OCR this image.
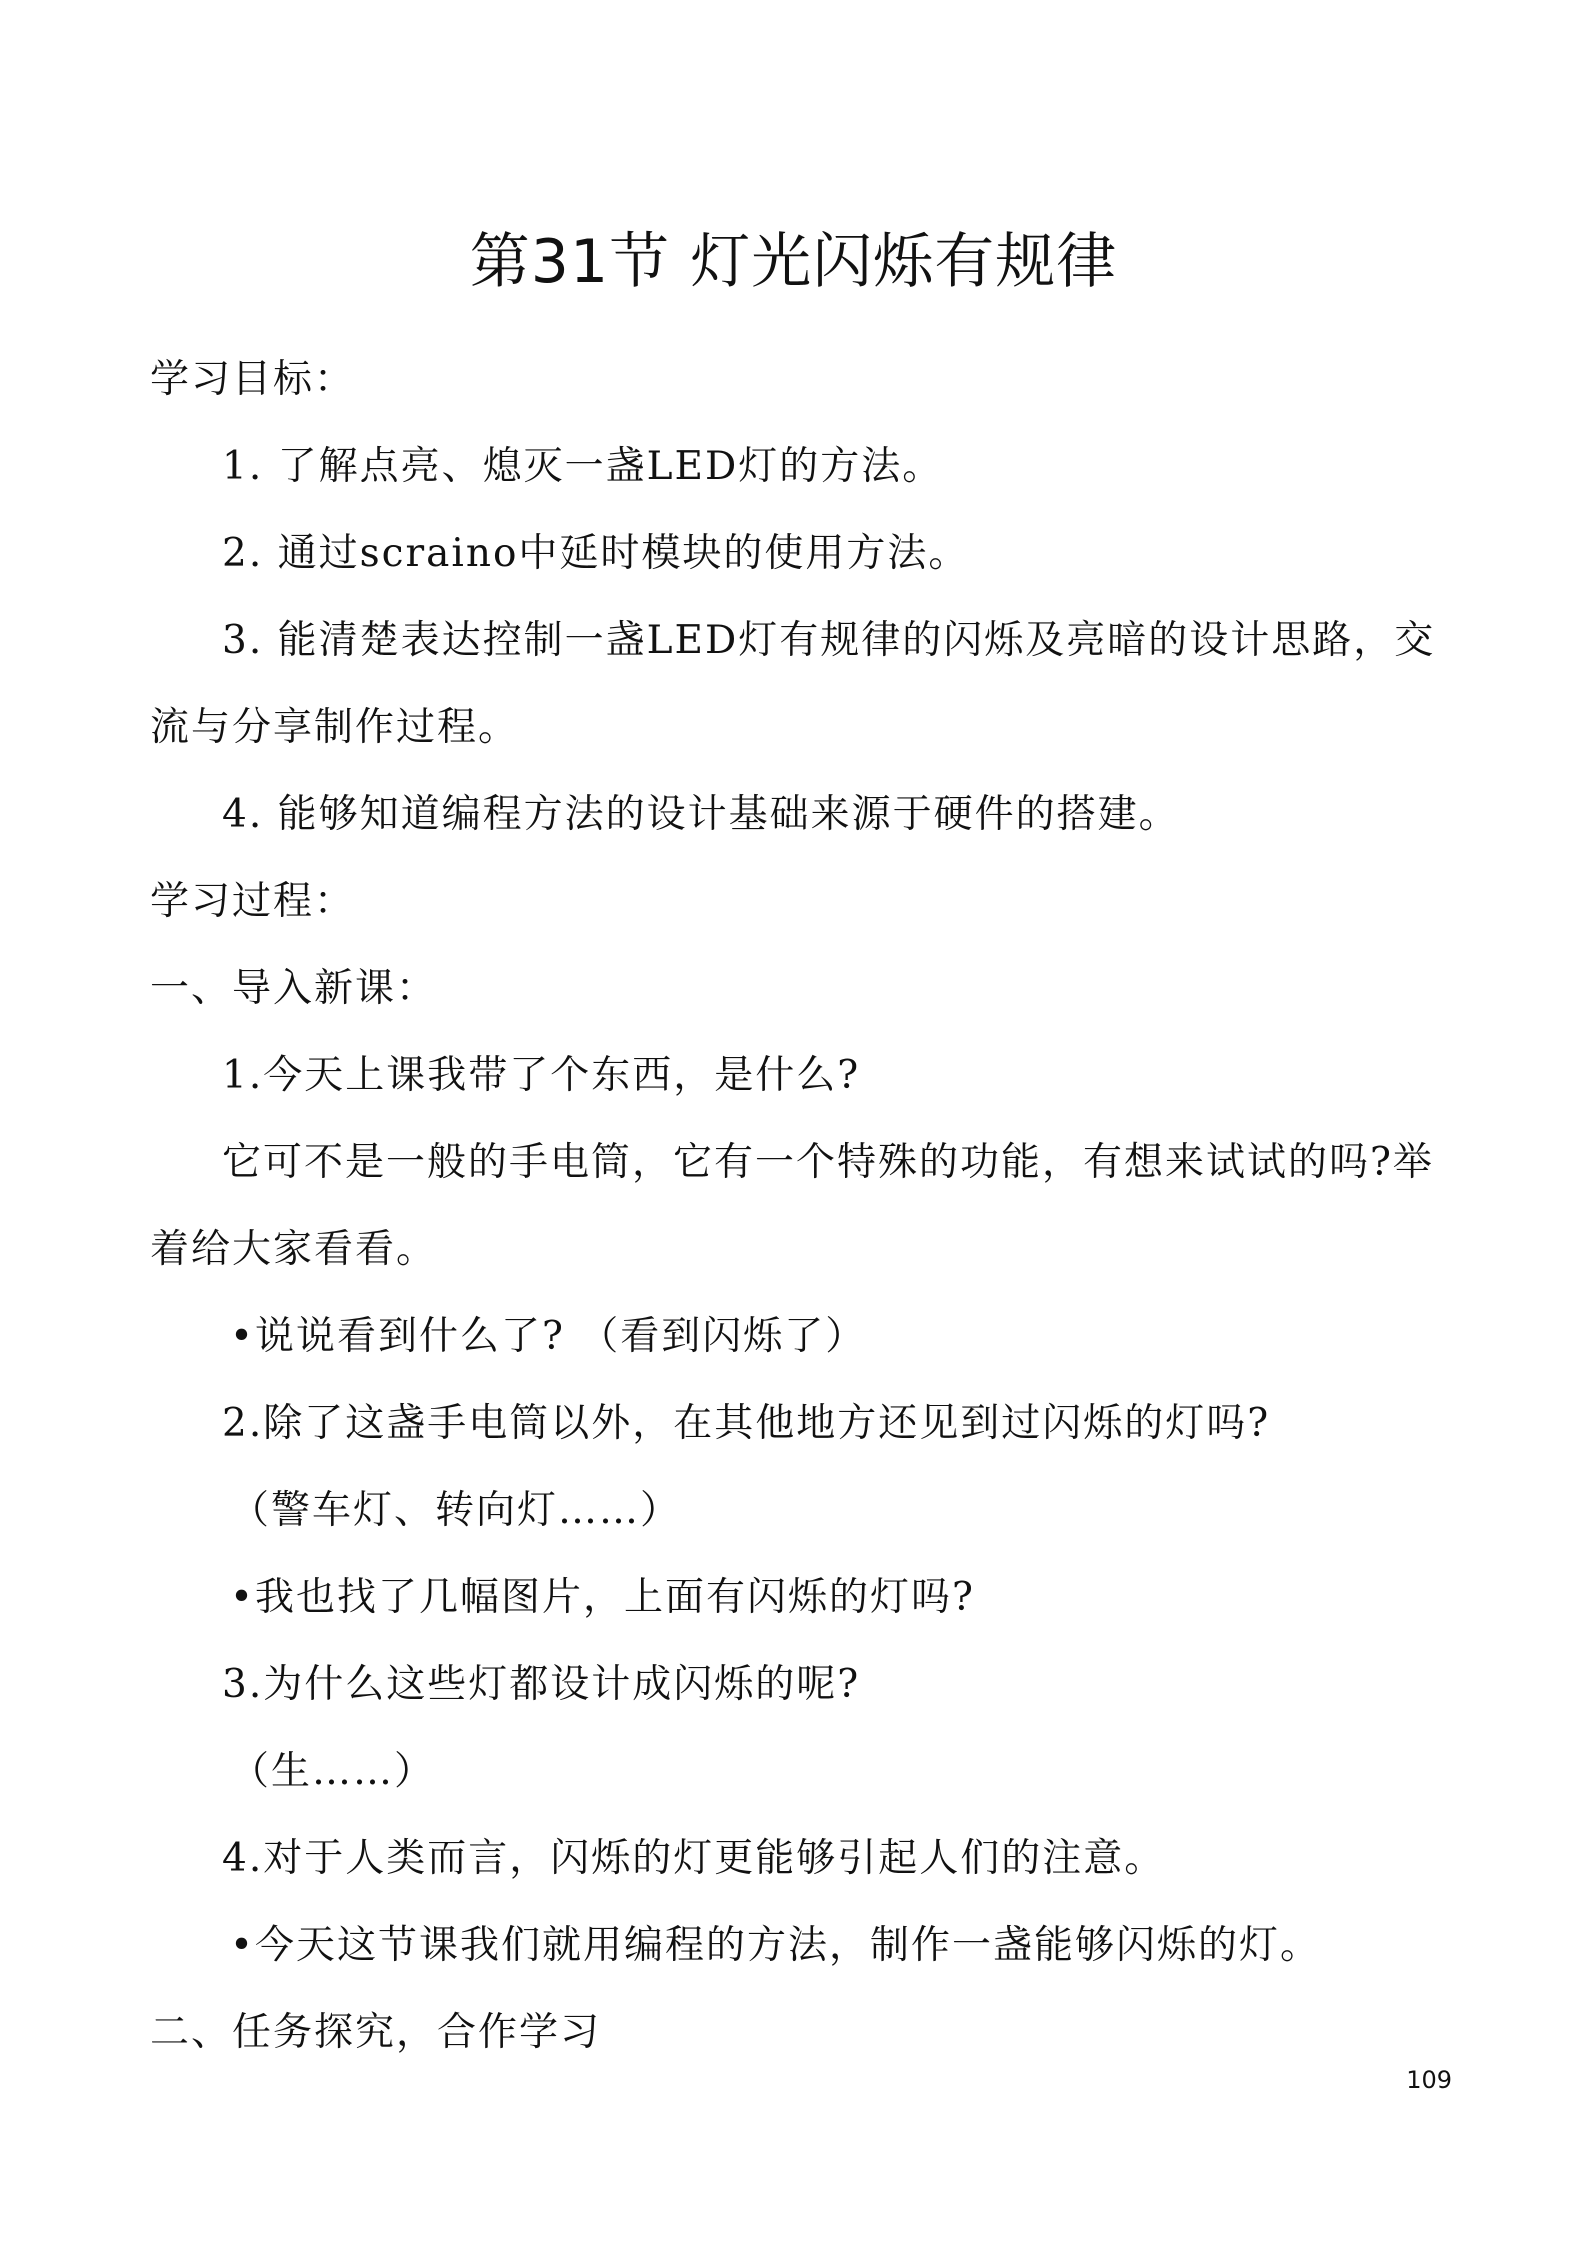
第31节 灯光闪烁有规律
学习目标：
1. 了解点亮、熄灭一盏LED灯的方法。
2. 通过scraino中延时模块的使用方法。
3. 能清楚表达控制一盏LED灯有规律的闪烁及亮暗的设计思路，交流与分享制作过程。
4. 能够知道编程方法的设计基础来源于硬件的搭建。
学习过程：
一、导入新课：
1.今天上课我带了个东西，是什么?
它可不是一般的手电筒，它有一个特殊的功能，有想来试试的吗?举着给大家看看。
•说说看到什么了? （看到闪烁了）
2.除了这盏手电筒以外，在其他地方还见到过闪烁的灯吗?
（警车灯、转向灯……）
•我也找了几幅图片，上面有闪烁的灯吗?
3.为什么这些灯都设计成闪烁的呢?
（生……）
4.对于人类而言，闪烁的灯更能够引起人们的注意。
•今天这节课我们就用编程的方法，制作一盏能够闪烁的灯。
二、任务探究，合作学习
109
